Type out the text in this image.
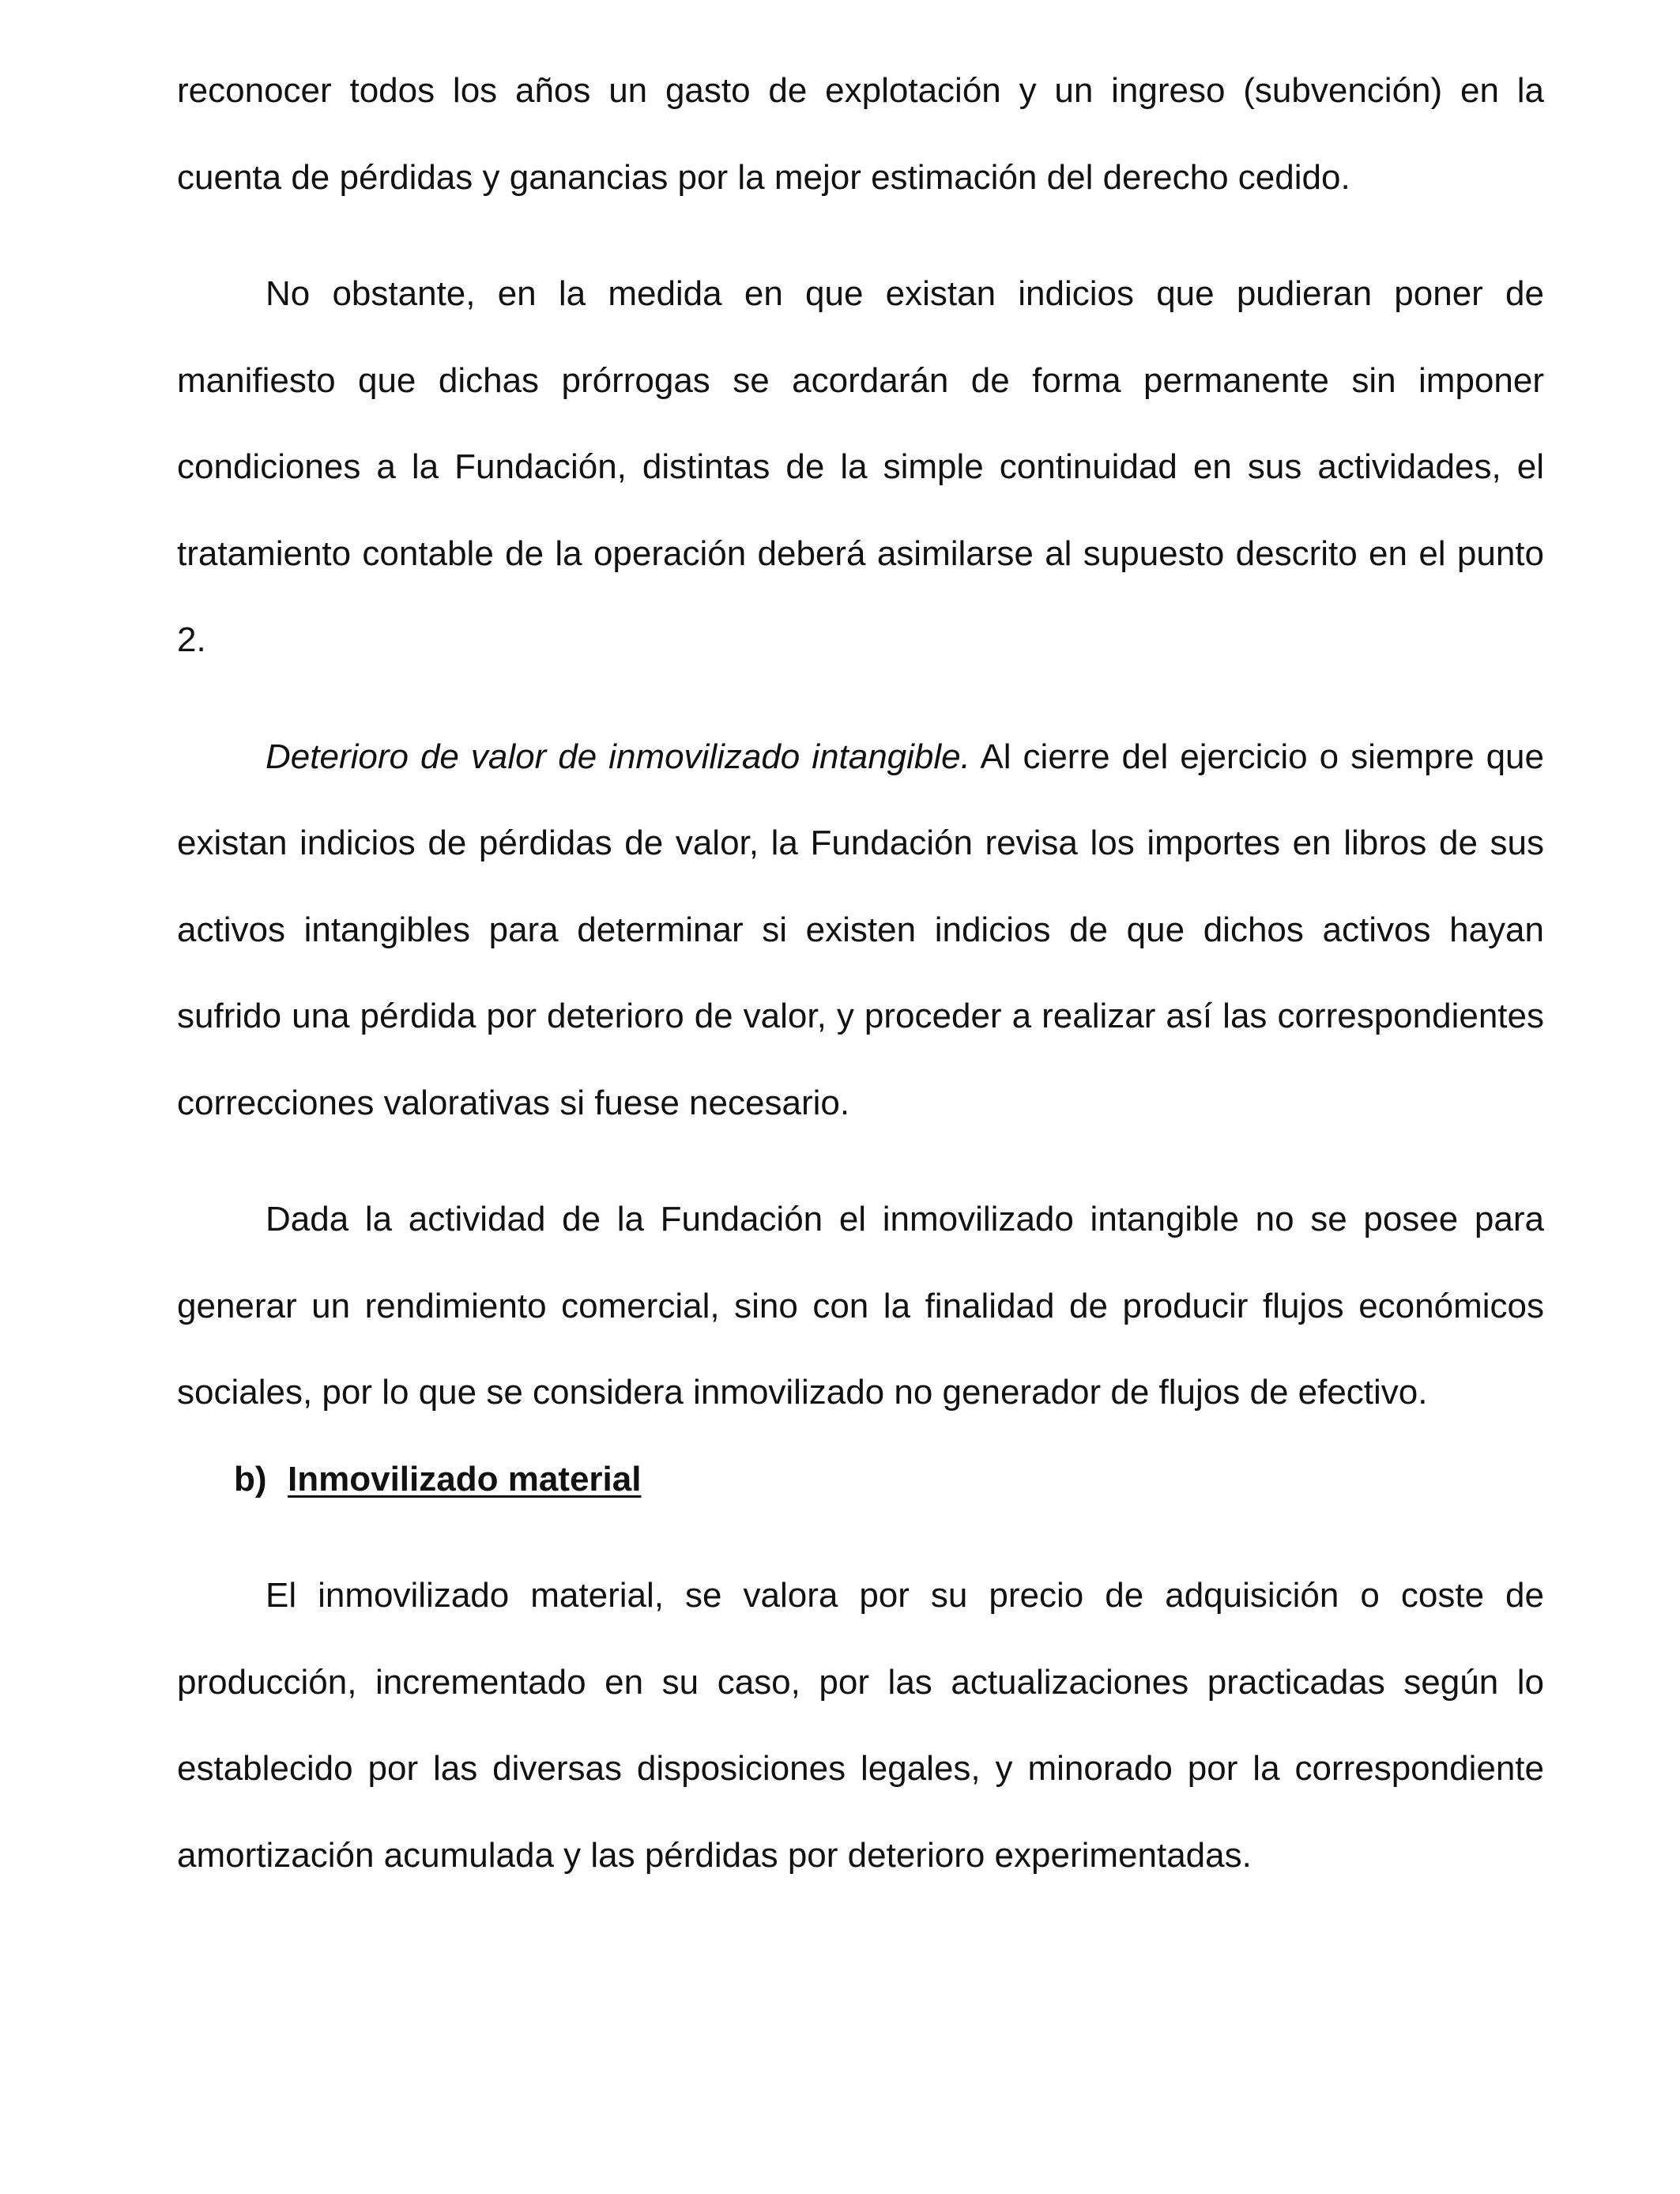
reconocer todos los años un gasto de explotación y un ingreso (subvención) en la cuenta de pérdidas y ganancias por la mejor estimación del derecho cedido.

No obstante, en la medida en que existan indicios que pudieran poner de manifiesto que dichas prórrogas se acordarán de forma permanente sin imponer condiciones a la Fundación, distintas de la simple continuidad en sus actividades, el tratamiento contable de la operación deberá asimilarse al supuesto descrito en el punto 2.

Deterioro de valor de inmovilizado intangible. Al cierre del ejercicio o siempre que existan indicios de pérdidas de valor, la Fundación revisa los importes en libros de sus activos intangibles para determinar si existen indicios de que dichos activos hayan sufrido una pérdida por deterioro de valor, y proceder a realizar así las correspondientes correcciones valorativas si fuese necesario.

Dada la actividad de la Fundación el inmovilizado intangible no se posee para generar un rendimiento comercial, sino con la finalidad de producir flujos económicos sociales, por lo que se considera inmovilizado no generador de flujos de efectivo.

b) Inmovilizado material

El inmovilizado material, se valora por su precio de adquisición o coste de producción, incrementado en su caso, por las actualizaciones practicadas según lo establecido por las diversas disposiciones legales, y minorado por la correspondiente amortización acumulada y las pérdidas por deterioro experimentadas.
